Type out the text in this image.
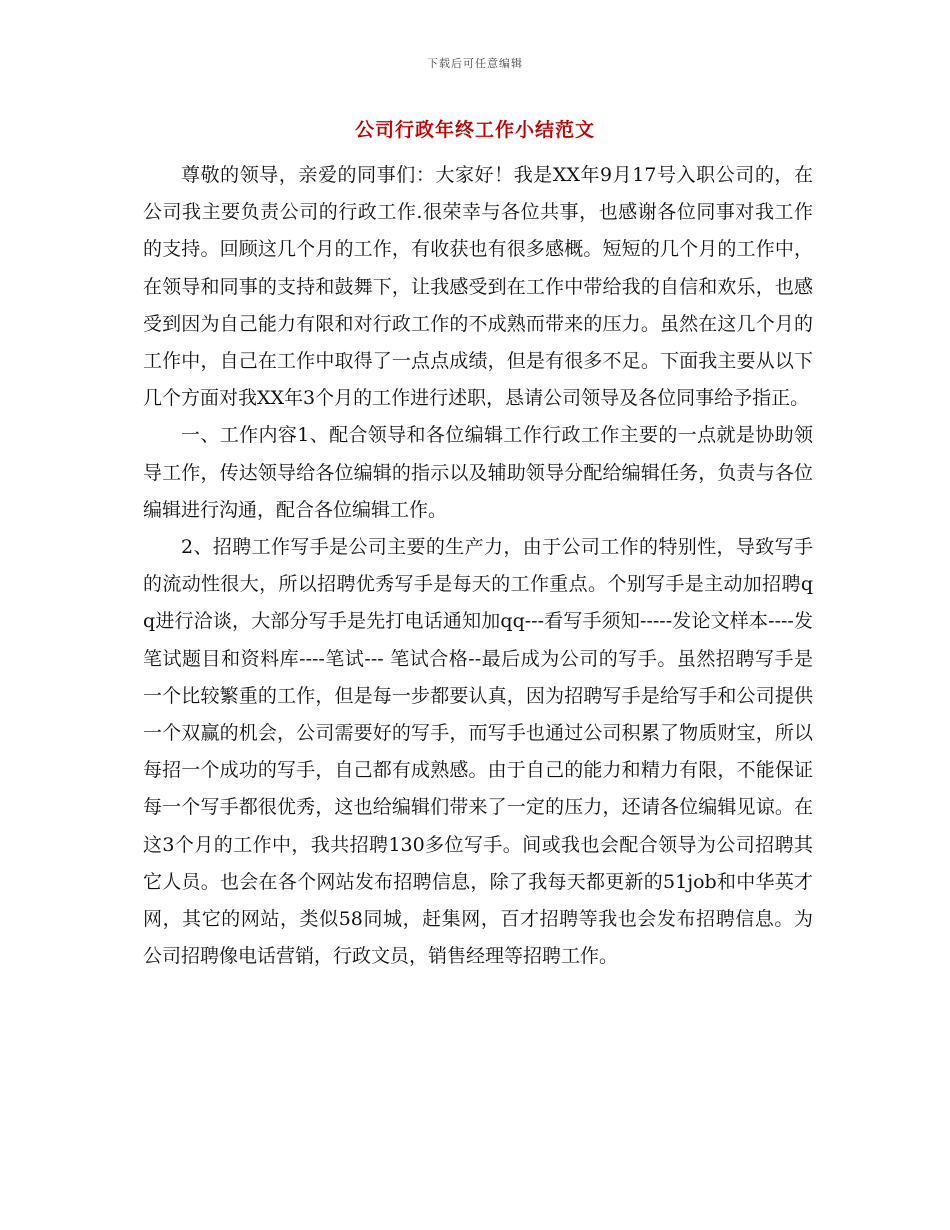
下载后可任意编辑
公司行政年终工作小结范文

尊敬的领导，亲爱的同事们：大家好！我是XX年9月17号入职公司的，在公司我主要负责公司的行政工作.很荣幸与各位共事，也感谢各位同事对我工作的支持。回顾这几个月的工作，有收获也有很多感概。短短的几个月的工作中，在领导和同事的支持和鼓舞下，让我感受到在工作中带给我的自信和欢乐，也感受到因为自己能力有限和对行政工作的不成熟而带来的压力。虽然在这几个月的工作中，自己在工作中取得了一点点成绩，但是有很多不足。下面我主要从以下几个方面对我XX年3个月的工作进行述职，恳请公司领导及各位同事给予指正。

一、工作内容1、配合领导和各位编辑工作行政工作主要的一点就是协助领导工作，传达领导给各位编辑的指示以及辅助领导分配给编辑任务，负责与各位编辑进行沟通，配合各位编辑工作。

2、招聘工作写手是公司主要的生产力，由于公司工作的特别性，导致写手的流动性很大，所以招聘优秀写手是每天的工作重点。个别写手是主动加招聘qq进行洽谈，大部分写手是先打电话通知加qq---看写手须知-----发论文样本----发笔试题目和资料库----笔试--- 笔试合格--最后成为公司的写手。虽然招聘写手是一个比较繁重的工作，但是每一步都要认真，因为招聘写手是给写手和公司提供一个双赢的机会，公司需要好的写手，而写手也通过公司积累了物质财宝，所以每招一个成功的写手，自己都有成熟感。由于自己的能力和精力有限，不能保证每一个写手都很优秀，这也给编辑们带来了一定的压力，还请各位编辑见谅。在这3个月的工作中，我共招聘130多位写手。间或我也会配合领导为公司招聘其它人员。也会在各个网站发布招聘信息，除了我每天都更新的51job和中华英才网，其它的网站，类似58同城，赶集网，百才招聘等我也会发布招聘信息。为公司招聘像电话营销，行政文员，销售经理等招聘工作。
